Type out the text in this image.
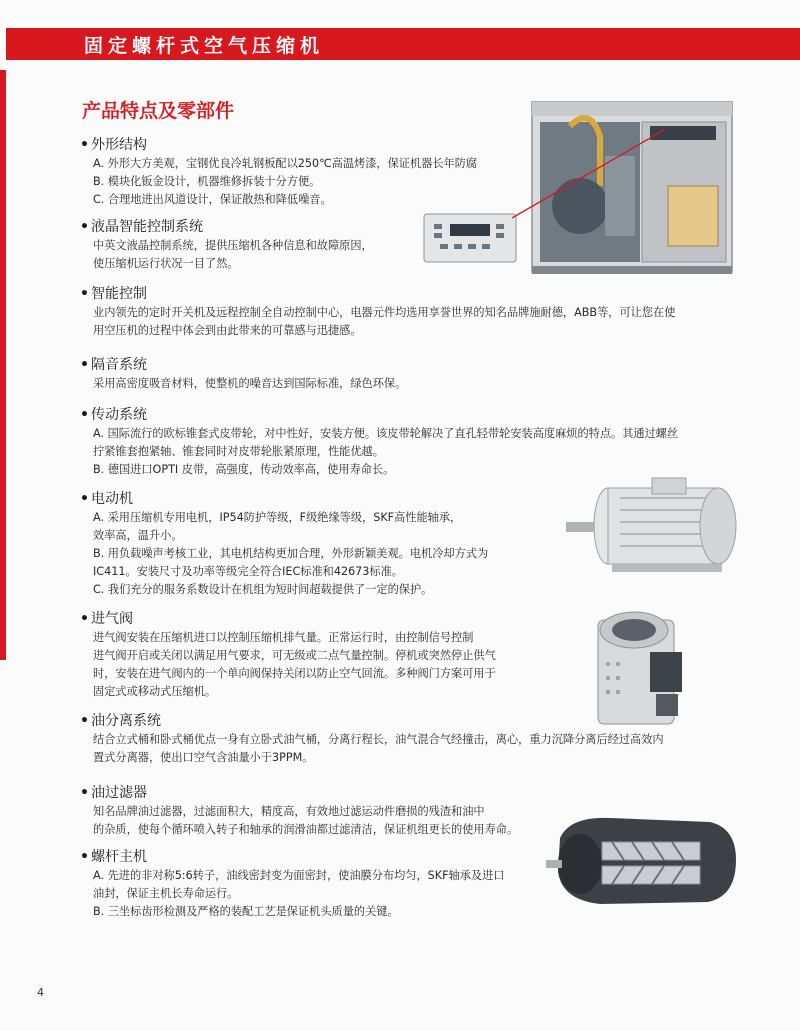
固定螺杆式空气压缩机
产品特点及零部件
• 外形结构
A. 外形大方美观，宝钢优良冷轧钢板配以250℃高温烤漆，保证机器长年防腐
B. 模块化钣金设计，机器维修拆装十分方便。
C. 合理地进出风道设计，保证散热和降低噪音。
• 液晶智能控制系统
中英文液晶控制系统，提供压缩机各种信息和故障原因，
使压缩机运行状况一目了然。
• 智能控制
业内领先的定时开关机及远程控制全自动控制中心，电器元件均选用享誉世界的知名品牌施耐德，ABB等，可让您在使
用空压机的过程中体会到由此带来的可靠感与迅捷感。
• 隔音系统
采用高密度吸音材料，使整机的噪音达到国际标准，绿色环保。
• 传动系统
A. 国际流行的欧标锥套式皮带轮，对中性好，安装方便。该皮带轮解决了直孔轻带轮安装高度麻烦的特点。其通过螺丝
拧紧锥套抱紧轴、锥套同时对皮带轮胀紧原理，性能优越。
B. 德国进口OPTI 皮带，高强度，传动效率高，使用寿命长。
• 电动机
A. 采用压缩机专用电机，IP54防护等级，F级绝缘等级，SKF高性能轴承，
效率高，温升小。
B. 用负载噪声考核工业，其电机结构更加合理，外形新颖美观。电机冷却方式为
IC411。安装尺寸及功率等级完全符合IEC标准和42673标准。
C. 我们充分的服务系数设计在机组为短时间超载提供了一定的保护。
• 进气阀
进气阀安装在压缩机进口以控制压缩机排气量。正常运行时，由控制信号控制
进气阀开启或关闭以满足用气要求，可无级或二点气量控制。停机或突然停止供气
时，安装在进气阀内的一个单向阀保持关闭以防止空气回流。多种阀门方案可用于
固定式或移动式压缩机。
• 油分离系统
结合立式桶和卧式桶优点一身有立卧式油气桶，分离行程长，油气混合气经撞击，离心，重力沉降分离后经过高效内
置式分离器，使出口空气含油量小于3PPM。
• 油过滤器
知名品牌油过滤器，过滤面积大，精度高，有效地过滤运动件磨损的残渣和油中
的杂质，使每个循环喷入转子和轴承的润滑油都过滤清洁，保证机组更长的使用寿命。
• 螺杆主机
A. 先进的非对称5:6转子，油线密封变为面密封，使油膜分布均匀，SKF轴承及进口
油封，保证主机长寿命运行。
B. 三坐标齿形检测及严格的装配工艺是保证机头质量的关键。
4
